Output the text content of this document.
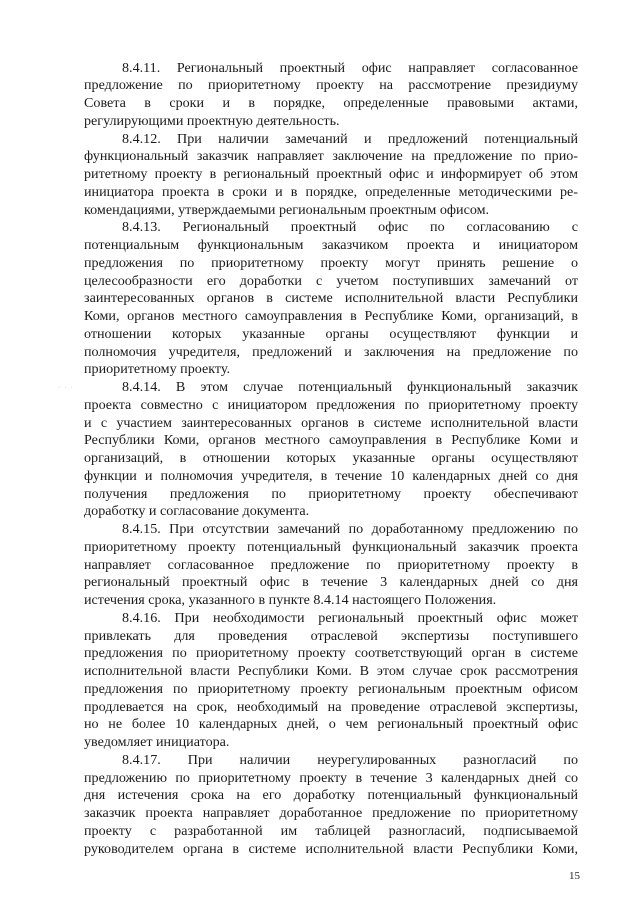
8.4.11. Региональный проектный офис направляет согласованное
предложение по приоритетному проекту на рассмотрение президиуму
Совета в сроки и в порядке, определенные правовыми актами,
регулирующими проектную деятельность.
8.4.12. При наличии замечаний и предложений потенциальный
функциональный заказчик направляет заключение на предложение по прио-
ритетному проекту в региональный проектный офис и информирует об этом
инициатора проекта в сроки и в порядке, определенные методическими ре-
комендациями, утверждаемыми региональным проектным офисом.
8.4.13. Региональный проектный офис по согласованию с
потенциальным функциональным заказчиком проекта и инициатором
предложения по приоритетному проекту могут принять решение о
целесообразности его доработки с учетом поступивших замечаний от
заинтересованных органов в системе исполнительной власти Республики
Коми, органов местного самоуправления в Республике Коми, организаций, в
отношении которых указанные органы осуществляют функции и
полномочия учредителя, предложений и заключения на предложение по
приоритетному проекту.
8.4.14. В этом случае потенциальный функциональный заказчик
проекта совместно с инициатором предложения по приоритетному проекту
и с участием заинтересованных органов в системе исполнительной власти
Республики Коми, органов местного самоуправления в Республике Коми и
организаций, в отношении которых указанные органы осуществляют
функции и полномочия учредителя, в течение 10 календарных дней со дня
получения предложения по приоритетному проекту обеспечивают
доработку и согласование документа.
8.4.15. При отсутствии замечаний по доработанному предложению по
приоритетному проекту потенциальный функциональный заказчик проекта
направляет согласованное предложение по приоритетному проекту в
региональный проектный офис в течение 3 календарных дней со дня
истечения срока, указанного в пункте 8.4.14 настоящего Положения.
8.4.16. При необходимости региональный проектный офис может
привлекать для проведения отраслевой экспертизы поступившего
предложения по приоритетному проекту соответствующий орган в системе
исполнительной власти Республики Коми. В этом случае срок рассмотрения
предложения по приоритетному проекту региональным проектным офисом
продлевается на срок, необходимый на проведение отраслевой экспертизы,
но не более 10 календарных дней, о чем региональный проектный офис
уведомляет инициатора.
8.4.17. При наличии неурегулированных разногласий по
предложению по приоритетному проекту в течение 3 календарных дней со
дня истечения срока на его доработку потенциальный функциональный
заказчик проекта направляет доработанное предложение по приоритетному
проекту с разработанной им таблицей разногласий, подписываемой
руководителем органа в системе исполнительной власти Республики Коми,
· · ·
15
